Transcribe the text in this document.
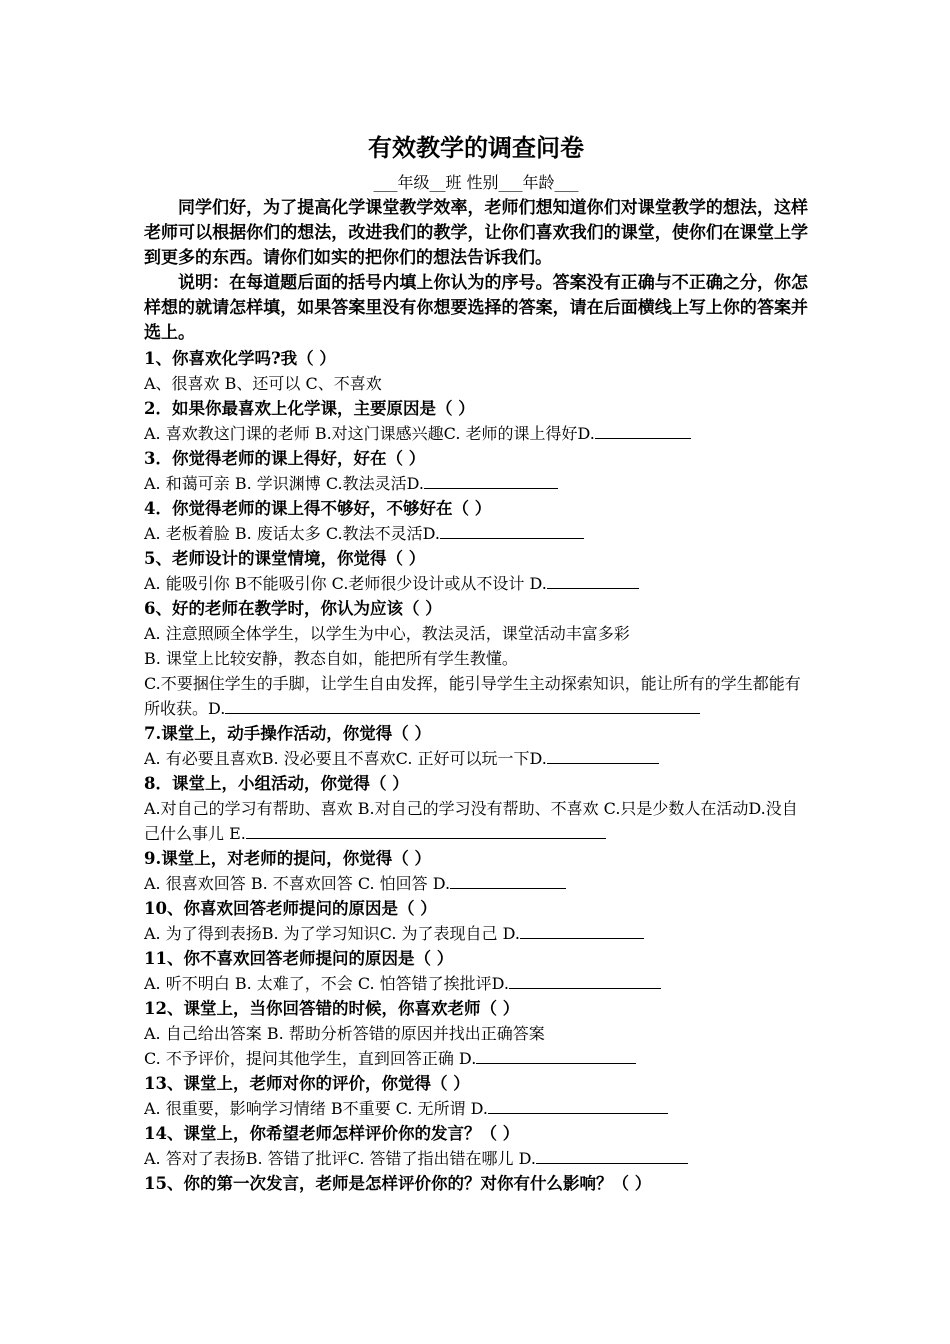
有效教学的调查问卷
___年级__班 性别___年龄___
同学们好，为了提高化学课堂教学效率，老师们想知道你们对课堂教学的想法，这样老师可以根据你们的想法，改进我们的教学，让你们喜欢我们的课堂，使你们在课堂上学到更多的东西。请你们如实的把你们的想法告诉我们。
说明：在每道题后面的括号内填上你认为的序号。答案没有正确与不正确之分，你怎样想的就请怎样填，如果答案里没有你想要选择的答案，请在后面横线上写上你的答案并选上。
1、你喜欢化学吗?我（ ）
A、很喜欢 B、还可以 C、不喜欢
2．如果你最喜欢上化学课，主要原因是（ ）
A. 喜欢教这门课的老师 B.对这门课感兴趣C. 老师的课上得好D.
3．你觉得老师的课上得好，好在（ ）
A. 和蔼可亲 B. 学识渊博 C.教法灵活D.
4．你觉得老师的课上得不够好，不够好在（ ）
A. 老板着脸 B. 废话太多 C.教法不灵活D.
5、老师设计的课堂情境，你觉得（ ）
A. 能吸引你 B不能吸引你 C.老师很少设计或从不设计 D.
6、好的老师在教学时，你认为应该（ ）
A. 注意照顾全体学生，以学生为中心，教法灵活，课堂活动丰富多彩
B. 课堂上比较安静，教态自如，能把所有学生教懂。
C.不要捆住学生的手脚，让学生自由发挥，能引导学生主动探索知识，能让所有的学生都能有所收获。D.
7.课堂上，动手操作活动，你觉得（ ）
A. 有必要且喜欢B. 没必要且不喜欢C. 正好可以玩一下D.
8．课堂上，小组活动，你觉得（ ）
A.对自己的学习有帮助、喜欢 B.对自己的学习没有帮助、不喜欢 C.只是少数人在活动D.没自己什么事儿 E.
9.课堂上，对老师的提问，你觉得（ ）
A. 很喜欢回答 B. 不喜欢回答 C. 怕回答 D.
10、你喜欢回答老师提问的原因是（ ）
A. 为了得到表扬B. 为了学习知识C. 为了表现自己 D.
11、你不喜欢回答老师提问的原因是（ ）
A. 听不明白 B. 太难了，不会 C. 怕答错了挨批评D.
12、课堂上，当你回答错的时候，你喜欢老师（ ）
A. 自己给出答案 B. 帮助分析答错的原因并找出正确答案
C. 不予评价，提问其他学生，直到回答正确 D.
13、课堂上，老师对你的评价，你觉得（ ）
A. 很重要，影响学习情绪 B不重要 C. 无所谓 D.
14、课堂上，你希望老师怎样评价你的发言？（ ）
A. 答对了表扬B. 答错了批评C. 答错了指出错在哪儿 D.
15、你的第一次发言，老师是怎样评价你的？对你有什么影响？（ ）
